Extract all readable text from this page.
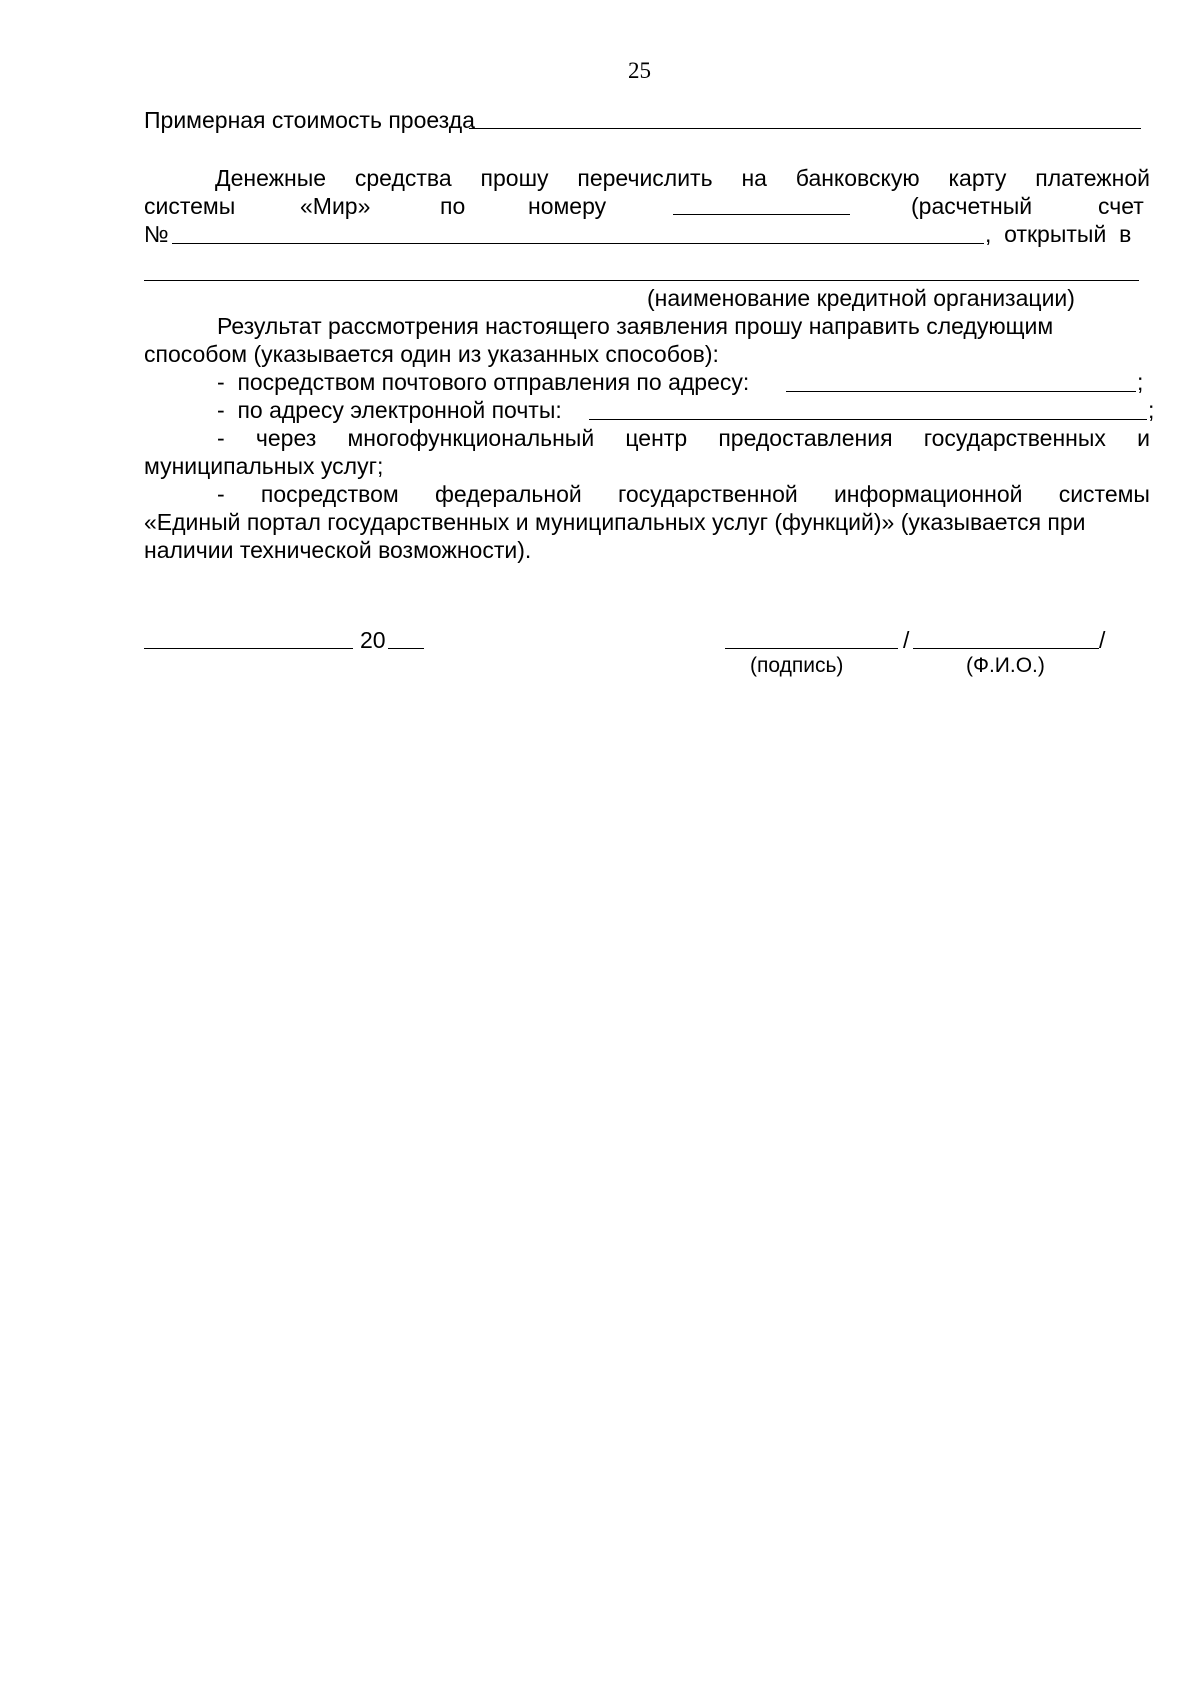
25
Примерная стоимость проезда
Денежные средства прошу перечислить на банковскую карту платежной
системы	«Мир»	по	номеру	(расчетный	счет
№	,  открытый  в
(наименование кредитной организации)
Результат рассмотрения настоящего заявления прошу направить следующим
способом (указывается один из указанных способов):
-  посредством почтового отправления по адресу:	;
-  по адресу электронной почты:	;
- через многофункциональный центр предоставления государственных и
муниципальных услуг;
- посредством федеральной государственной информационной системы
«Единый портал государственных и муниципальных услуг (функций)» (указывается при
наличии технической возможности).
20	/	/
(подпись)	(Ф.И.О.)
